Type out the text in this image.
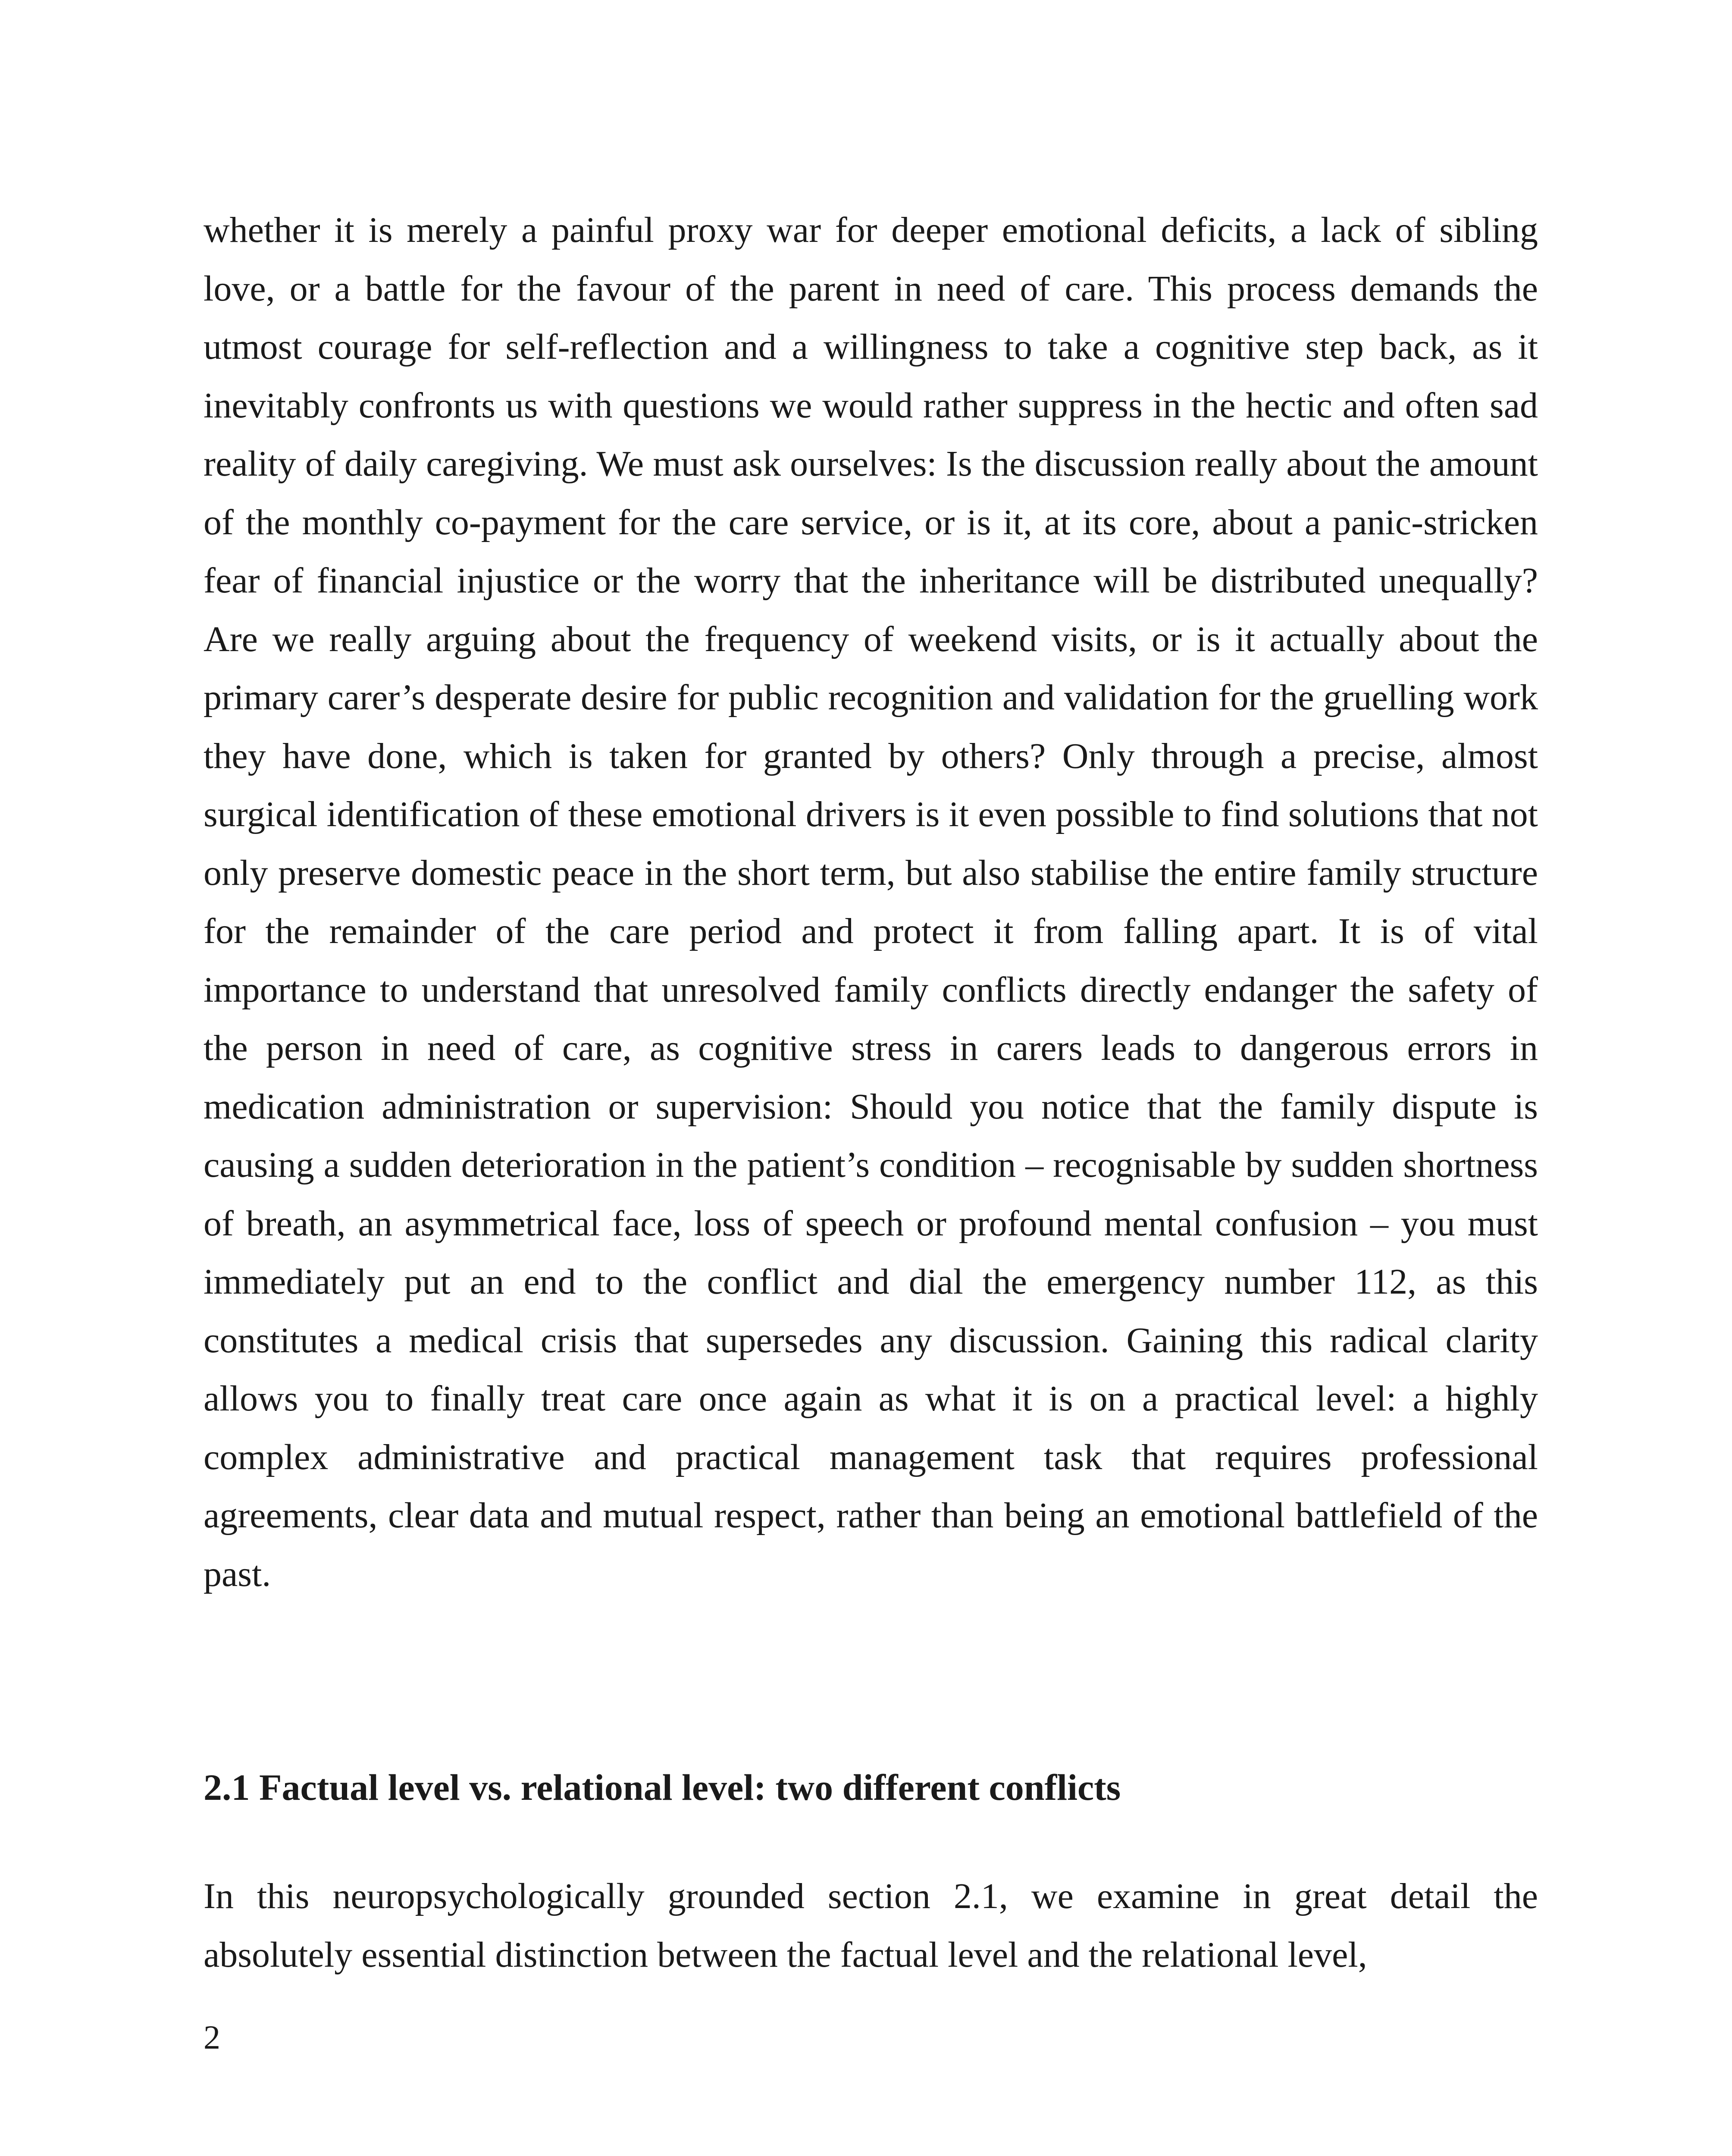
whether it is merely a painful proxy war for deeper emotional deficits, a lack of sibling love, or a battle for the favour of the parent in need of care. This process demands the utmost courage for self-reflection and a willingness to take a cognitive step back, as it inevitably confronts us with questions we would rather suppress in the hectic and often sad reality of daily caregiving. We must ask ourselves: Is the discussion really about the amount of the monthly co-payment for the care service, or is it, at its core, about a panic-stricken fear of financial injustice or the worry that the inheritance will be distributed unequally? Are we really arguing about the frequency of weekend visits, or is it actually about the primary carer’s desperate desire for public recognition and validation for the gruelling work they have done, which is taken for granted by others? Only through a precise, almost surgical identification of these emotional drivers is it even possible to find solutions that not only preserve domestic peace in the short term, but also stabilise the entire family structure for the remainder of the care period and protect it from falling apart. It is of vital importance to understand that unresolved family conflicts directly endanger the safety of the person in need of care, as cognitive stress in carers leads to dangerous errors in medication administration or supervision: Should you notice that the family dispute is causing a sudden deterioration in the patient’s condition – recognisable by sudden shortness of breath, an asymmetrical face, loss of speech or profound mental confusion – you must immediately put an end to the conflict and dial the emergency number 112, as this constitutes a medical crisis that supersedes any discussion. Gaining this radical clarity allows you to finally treat care once again as what it is on a practical level: a highly complex administrative and practical management task that requires professional agreements, clear data and mutual respect, rather than being an emotional battlefield of the past.

2.1 Factual level vs. relational level: two different conflicts

In this neuropsychologically grounded section 2.1, we examine in great detail the absolutely essential distinction between the factual level and the relational level,

2
